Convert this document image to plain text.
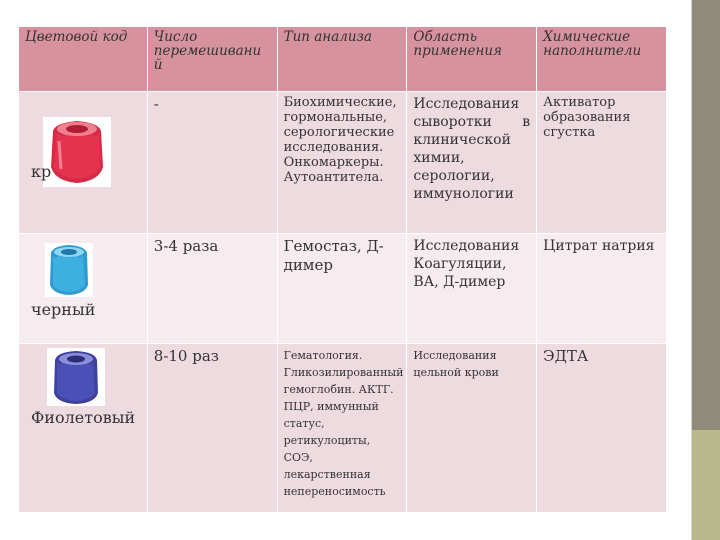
Цветовой код	Число перемешивани й	Тип анализа	Область применения	Химические наполнители

кр	-	Биохимические, гормональные, серологические исследования. Онкомаркеры. Аутоантитела.	Исследования сыворотки в клинической химии, серологии, иммунологии	Активатор образования сгустка

черный	3-4 раза	Гемостаз, Д-димер	Исследования Коагуляции, ВА, Д-димер	Цитрат натрия

Фиолетовый	8-10 раз	Гематология. Гликозилированный гемоглобин. АКТГ. ПЦР, иммунный статус, ретикулоциты, СОЭ, лекарственная непереносимость	Исследования цельной крови	ЭДТА
